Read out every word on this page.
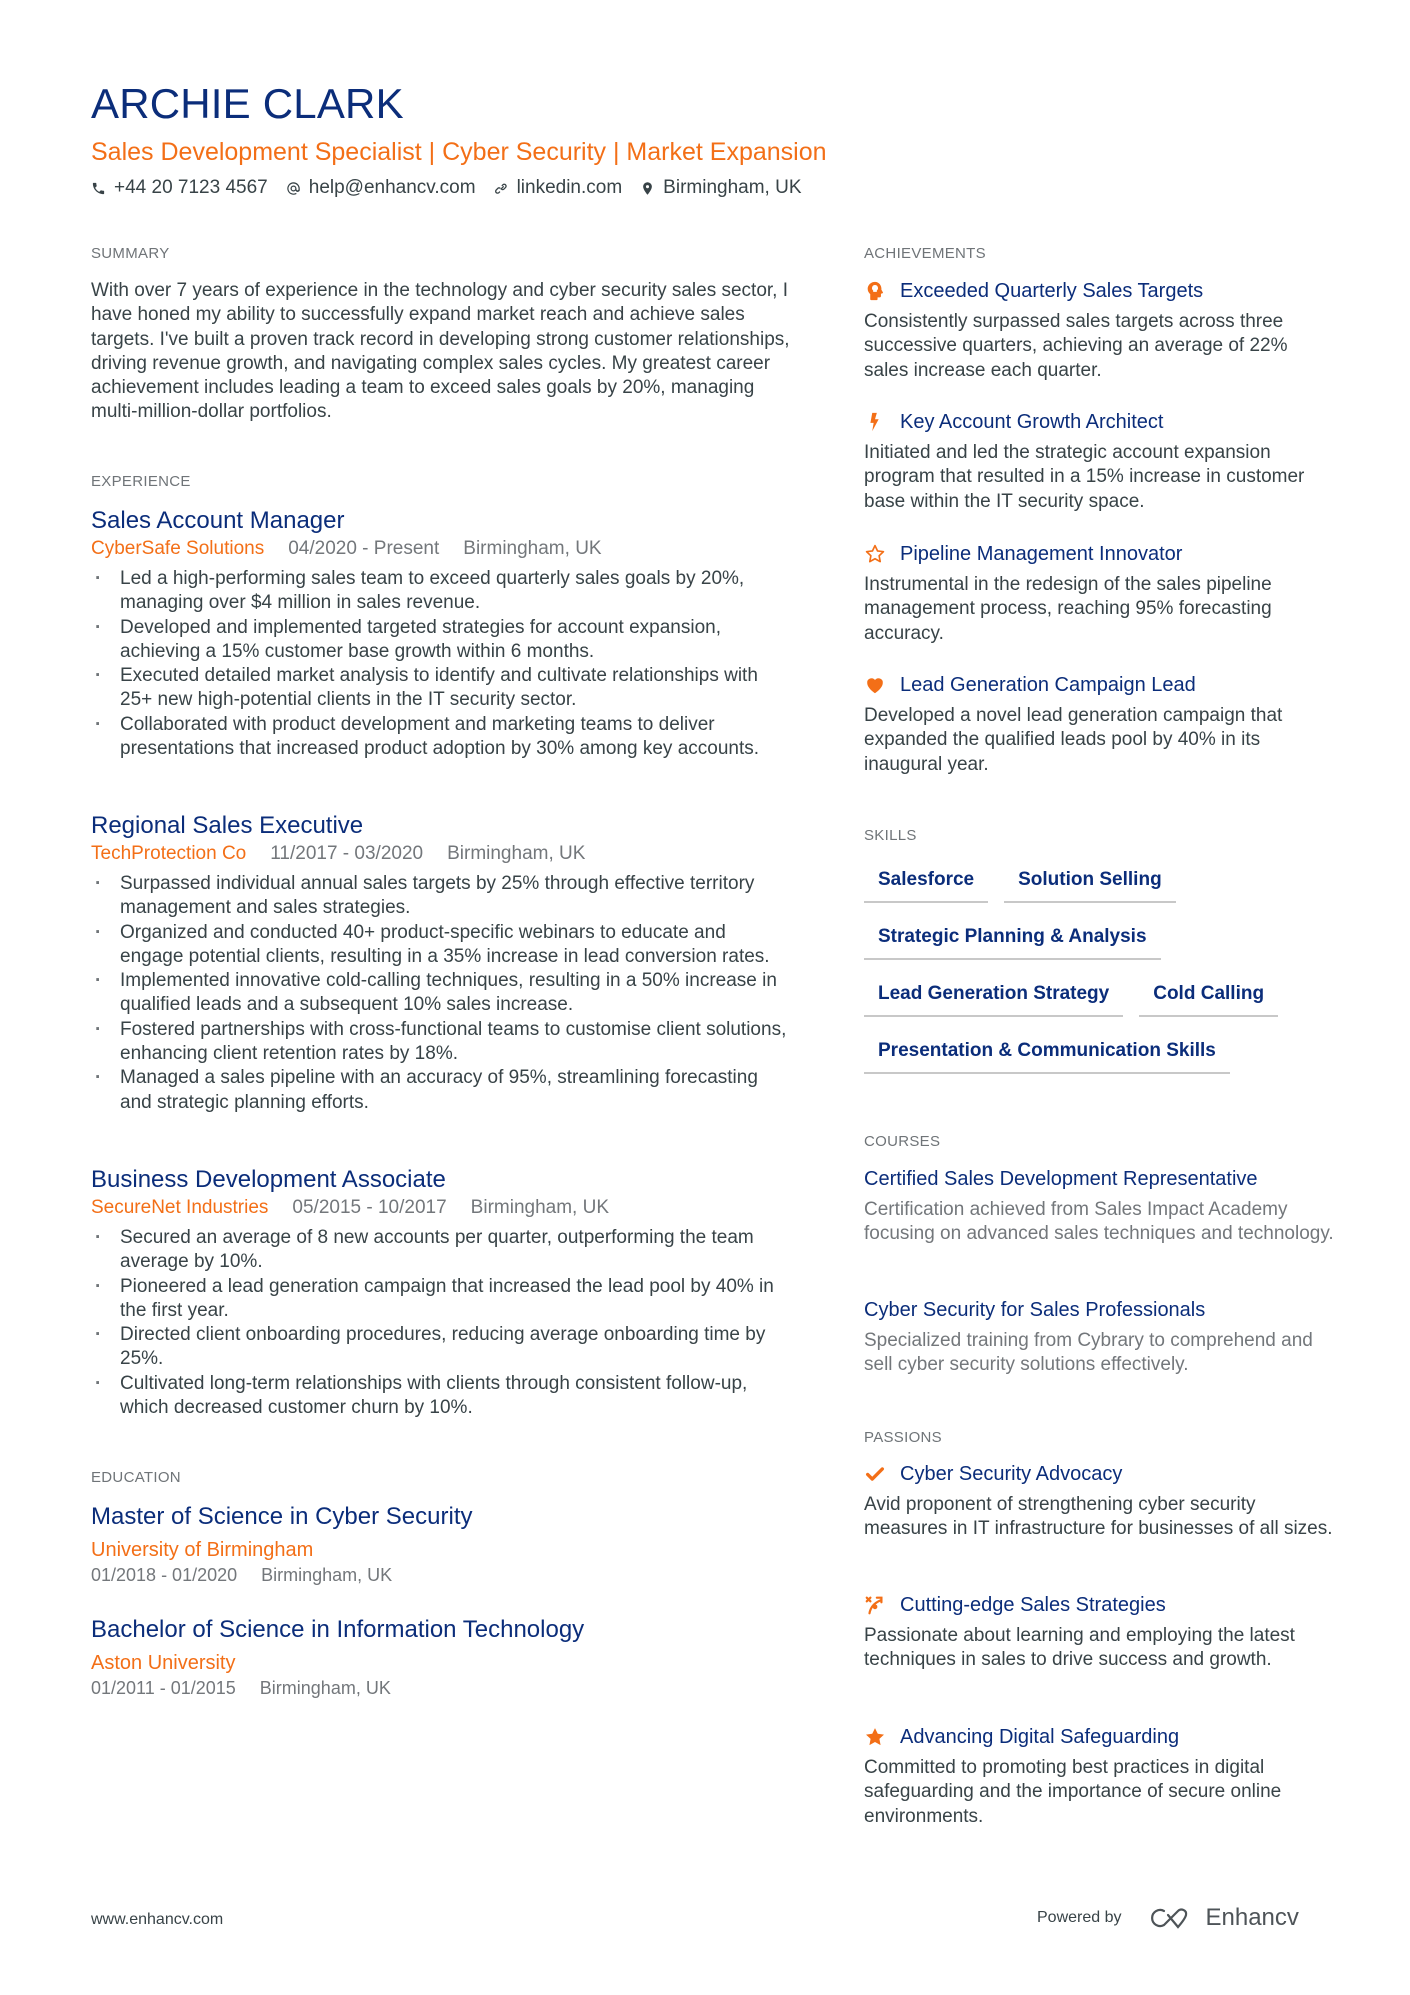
ARCHIE CLARK
Sales Development Specialist | Cyber Security | Market Expansion
+44 20 7123 4567 help@enhancv.com linkedin.com Birmingham, UK
SUMMARY
With over 7 years of experience in the technology and cyber security sales sector, I have honed my ability to successfully expand market reach and achieve sales targets. I've built a proven track record in developing strong customer relationships, driving revenue growth, and navigating complex sales cycles. My greatest career achievement includes leading a team to exceed sales goals by 20%, managing multi-million-dollar portfolios.
EXPERIENCE
Sales Account Manager
CyberSafe Solutions 04/2020 - Present Birmingham, UK
· Led a high-performing sales team to exceed quarterly sales goals by 20%, managing over $4 million in sales revenue.
· Developed and implemented targeted strategies for account expansion, achieving a 15% customer base growth within 6 months.
· Executed detailed market analysis to identify and cultivate relationships with 25+ new high-potential clients in the IT security sector.
· Collaborated with product development and marketing teams to deliver presentations that increased product adoption by 30% among key accounts.
Regional Sales Executive
TechProtection Co 11/2017 - 03/2020 Birmingham, UK
· Surpassed individual annual sales targets by 25% through effective territory management and sales strategies.
· Organized and conducted 40+ product-specific webinars to educate and engage potential clients, resulting in a 35% increase in lead conversion rates.
· Implemented innovative cold-calling techniques, resulting in a 50% increase in qualified leads and a subsequent 10% sales increase.
· Fostered partnerships with cross-functional teams to customise client solutions, enhancing client retention rates by 18%.
· Managed a sales pipeline with an accuracy of 95%, streamlining forecasting and strategic planning efforts.
Business Development Associate
SecureNet Industries 05/2015 - 10/2017 Birmingham, UK
· Secured an average of 8 new accounts per quarter, outperforming the team average by 10%.
· Pioneered a lead generation campaign that increased the lead pool by 40% in the first year.
· Directed client onboarding procedures, reducing average onboarding time by 25%.
· Cultivated long-term relationships with clients through consistent follow-up, which decreased customer churn by 10%.
EDUCATION
Master of Science in Cyber Security
University of Birmingham
01/2018 - 01/2020 Birmingham, UK
Bachelor of Science in Information Technology
Aston University
01/2011 - 01/2015 Birmingham, UK
ACHIEVEMENTS
Exceeded Quarterly Sales Targets
Consistently surpassed sales targets across three successive quarters, achieving an average of 22% sales increase each quarter.
Key Account Growth Architect
Initiated and led the strategic account expansion program that resulted in a 15% increase in customer base within the IT security space.
Pipeline Management Innovator
Instrumental in the redesign of the sales pipeline management process, reaching 95% forecasting accuracy.
Lead Generation Campaign Lead
Developed a novel lead generation campaign that expanded the qualified leads pool by 40% in its inaugural year.
SKILLS
Salesforce	Solution Selling
Strategic Planning & Analysis
Lead Generation Strategy	Cold Calling
Presentation & Communication Skills
COURSES
Certified Sales Development Representative
Certification achieved from Sales Impact Academy focusing on advanced sales techniques and technology.
Cyber Security for Sales Professionals
Specialized training from Cybrary to comprehend and sell cyber security solutions effectively.
PASSIONS
Cyber Security Advocacy
Avid proponent of strengthening cyber security measures in IT infrastructure for businesses of all sizes.
Cutting-edge Sales Strategies
Passionate about learning and employing the latest techniques in sales to drive success and growth.
Advancing Digital Safeguarding
Committed to promoting best practices in digital safeguarding and the importance of secure online environments.
www.enhancv.com	Powered by	Enhancv
